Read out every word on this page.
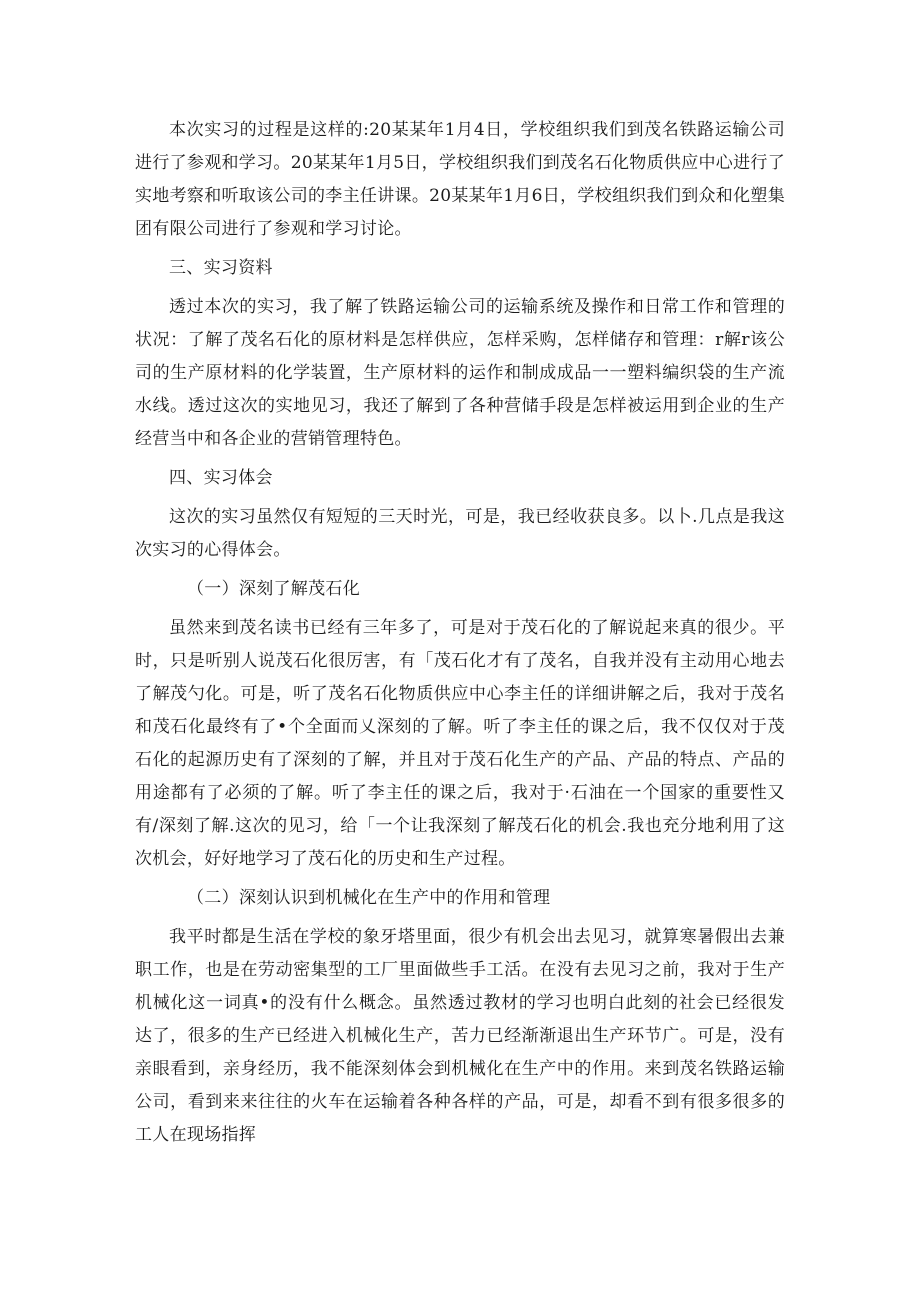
本次实习的过程是这样的:20某某年1月4日，学校组织我们到茂名铁路运输公司进行了参观和学习。20某某年1月5日，学校组织我们到茂名石化物质供应中心进行了实地考察和听取该公司的李主任讲课。20某某年1月6日，学校组织我们到众和化塑集团有限公司进行了参观和学习讨论。

三、实习资料

透过本次的实习，我了解了铁路运输公司的运输系统及操作和日常工作和管理的状况：了解了茂名石化的原材料是怎样供应，怎样采购，怎样储存和管理：r解r该公司的生产原材料的化学装置，生产原材料的运作和制成成品一一塑料编织袋的生产流水线。透过这次的实地见习，我还了解到了各种营储手段是怎样被运用到企业的生产经营当中和各企业的营销管理特色。

四、实习体会

这次的实习虽然仅有短短的三天时光，可是，我已经收获良多。以卜.几点是我这次实习的心得体会。

（一）深刻了解茂石化

虽然来到茂名读书已经有三年多了，可是对于茂石化的了解说起来真的很少。平时，只是听别人说茂石化很厉害，有「茂石化才有了茂名，自我并没有主动用心地去了解茂勺化。可是，听了茂名石化物质供应中心李主任的详细讲解之后，我对于茂名和茂石化最终有了•个全面而乂深刻的了解。听了李主任的课之后，我不仅仅对于茂石化的起源历史有了深刻的了解，并且对于茂石化生产的产品、产品的特点、产品的用途都有了必须的了解。听了李主任的课之后，我对于·石油在一个国家的重要性又有/深刻了解.这次的见习，给「一个让我深刻了解茂石化的机会.我也充分地利用了这次机会，好好地学习了茂石化的历史和生产过程。

（二）深刻认识到机械化在生产中的作用和管理

我平时都是生活在学校的象牙塔里面，很少有机会出去见习，就算寒暑假出去兼职工作，也是在劳动密集型的工厂里面做些手工活。在没有去见习之前，我对于生产机械化这一词真•的没有什么概念。虽然透过教材的学习也明白此刻的社会已经很发达了，很多的生产已经进入机械化生产，苦力已经渐渐退出生产环节广。可是，没有亲眼看到，亲身经历，我不能深刻体会到机械化在生产中的作用。来到茂名铁路运输公司，看到来来往往的火车在运输着各种各样的产品，可是，却看不到有很多很多的工人在现场指挥
